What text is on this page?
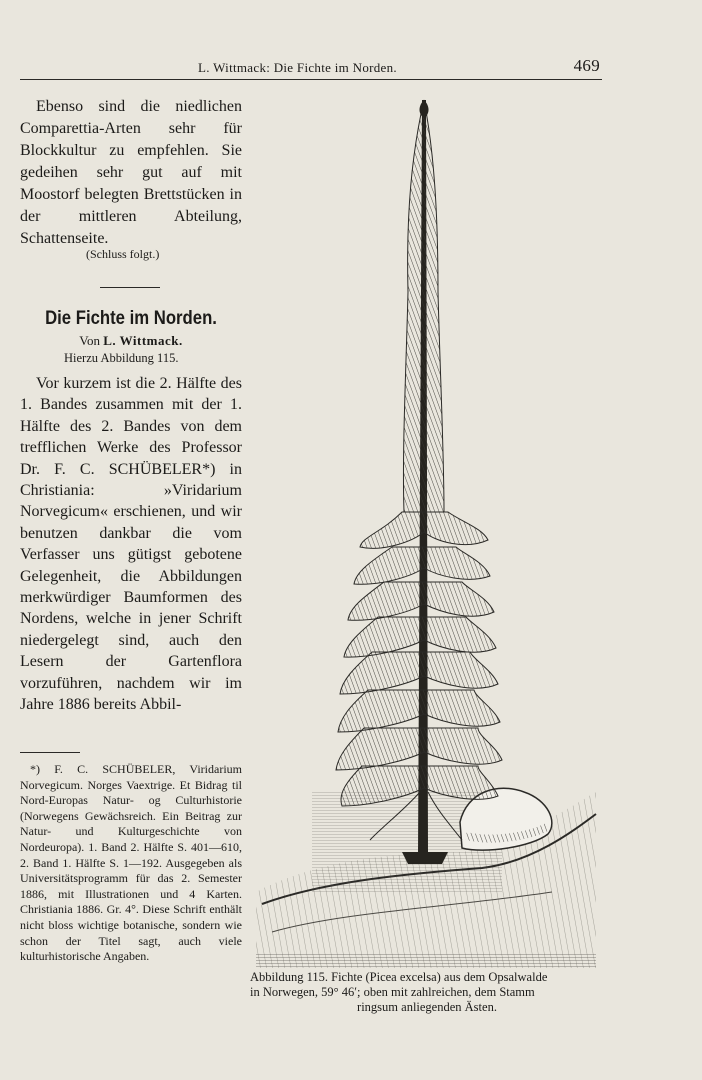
L. Wittmack: Die Fichte im Norden.	469

Ebenso sind die niedlichen Comparettia-Arten sehr für Blockkultur zu empfehlen. Sie gedeihen sehr gut auf mit Moostorf belegten Brettstücken in der mittleren Abteilung, Schattenseite.

(Schluss folgt.)
Die Fichte im Norden.
Von L. Wittmack.
Hierzu Abbildung 115.

Vor kurzem ist die 2. Hälfte des 1. Bandes zusammen mit der 1. Hälfte des 2. Bandes von dem trefflichen Werke des Professor Dr. F. C. SCHÜBELER*) in Christiania: »Viridarium Norvegicum« erschienen, und wir benutzen dankbar die vom Verfasser uns gütigst gebotene Gelegenheit, die Abbildungen merkwürdiger Baumformen des Nordens, welche in jener Schrift niedergelegt sind, auch den Lesern der Gartenflora vorzuführen, nachdem wir im Jahre 1886 bereits Abbil-

*) F. C. SCHÜBELER, Viridarium Norvegicum. Norges Vaextrige. Et Bidrag til Nord-Europas Natur- og Culturhistorie (Norwegens Gewächsreich. Ein Beitrag zur Natur- und Kulturgeschichte von Nordeuropa). 1. Band 2. Hälfte S. 401—610, 2. Band 1. Hälfte S. 1—192. Ausgegeben als Universitätsprogramm für das 2. Semester 1886, mit Illustrationen und 4 Karten. Christiania 1886. Gr. 4°. Diese Schrift enthält nicht bloss wichtige botanische, sondern wie schon der Titel sagt, auch viele kulturhistorische Angaben.

Abbildung 115. Fichte (Picea excelsa) aus dem Opsalwalde
in Norwegen, 59° 46′; oben mit zahlreichen, dem Stamm
ringsum anliegenden Ästen.
